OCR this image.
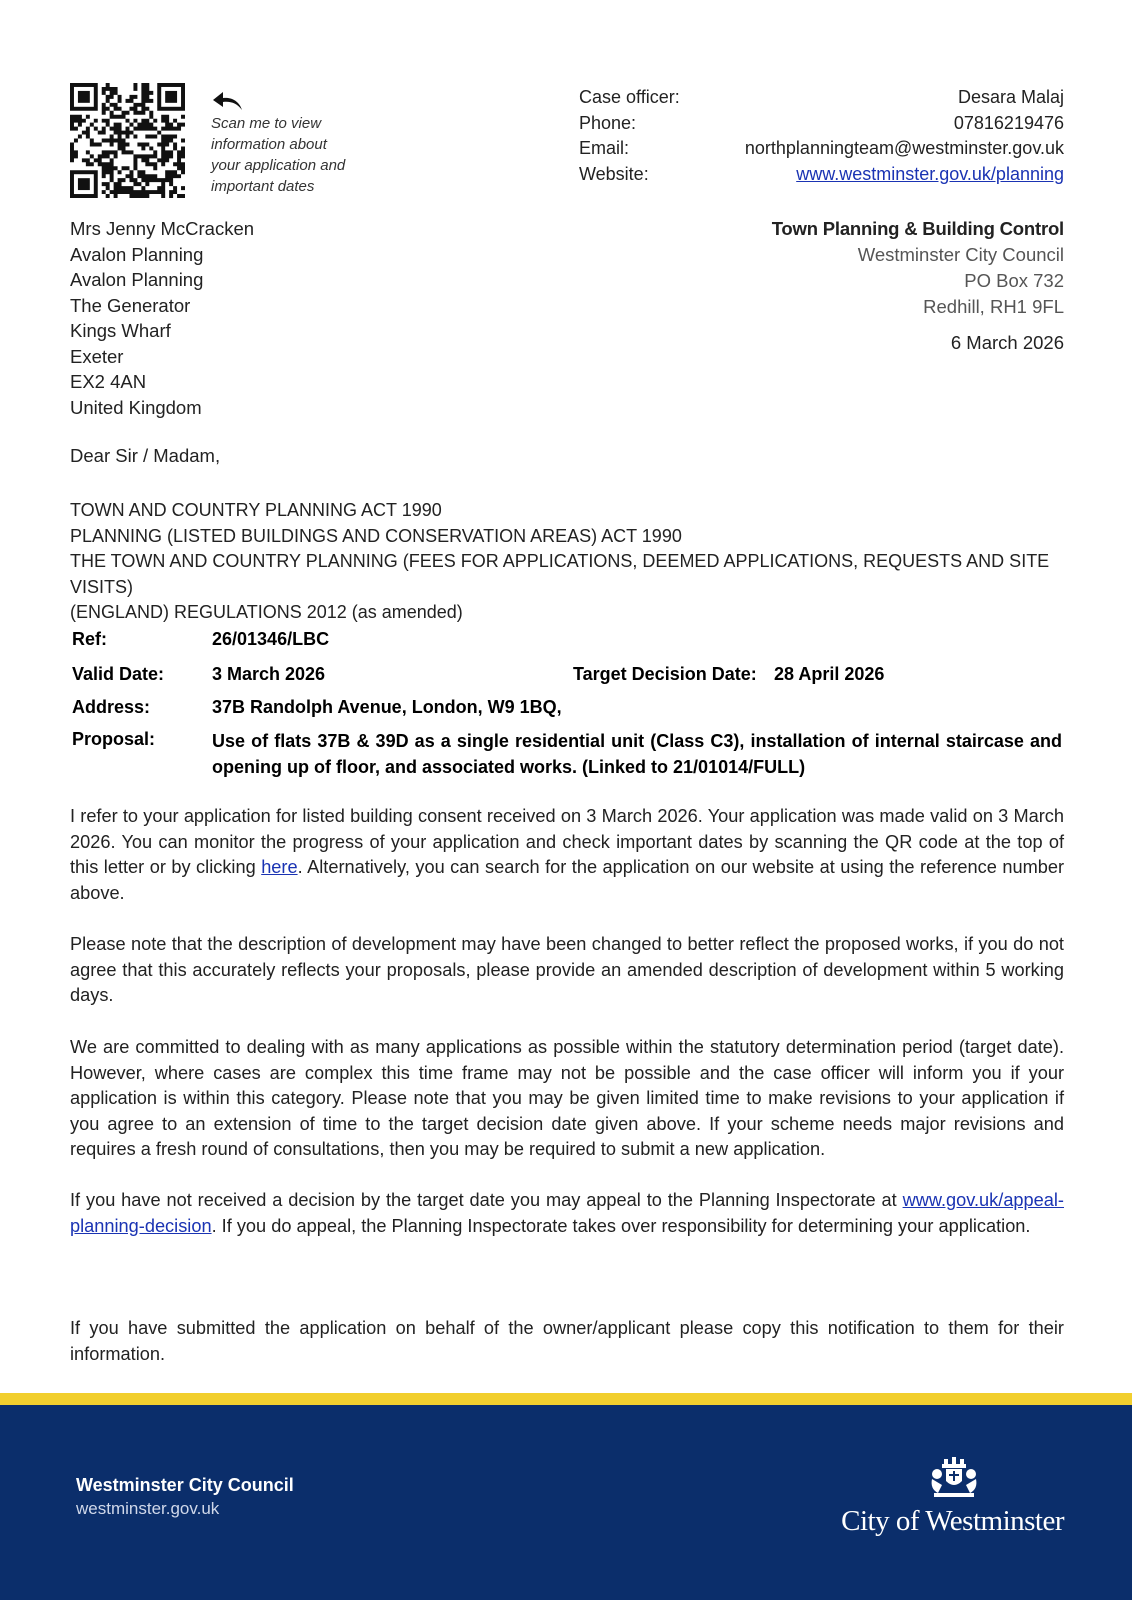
Scan me to view
information about
your application and
important dates
Case officer:	Desara Malaj
Phone:	07816219476
Email:	northplanningteam@westminster.gov.uk
Website:	www.westminster.gov.uk/planning
Mrs Jenny McCracken
Avalon Planning
Avalon Planning
The Generator
Kings Wharf
Exeter
EX2 4AN
United Kingdom
Town Planning & Building Control
Westminster City Council
PO Box 732
Redhill, RH1 9FL
6 March 2026
Dear Sir / Madam,
TOWN AND COUNTRY PLANNING ACT 1990
PLANNING (LISTED BUILDINGS AND CONSERVATION AREAS) ACT 1990
THE TOWN AND COUNTRY PLANNING (FEES FOR APPLICATIONS, DEEMED APPLICATIONS, REQUESTS AND SITE VISITS)
(ENGLAND) REGULATIONS 2012 (as amended)
Ref:	26/01346/LBC
Valid Date:	3 March 2026	Target Decision Date: 28 April 2026
Address:	37B Randolph Avenue, London, W9 1BQ,
Proposal:	Use of flats 37B & 39D as a single residential unit (Class C3), installation of internal staircase and opening up of floor, and associated works. (Linked to 21/01014/FULL)
I refer to your application for listed building consent received on 3 March 2026. Your application was made valid on 3 March 2026. You can monitor the progress of your application and check important dates by scanning the QR code at the top of this letter or by clicking here. Alternatively, you can search for the application on our website at using the reference number above.
Please note that the description of development may have been changed to better reflect the proposed works, if you do not agree that this accurately reflects your proposals, please provide an amended description of development within 5 working days.
We are committed to dealing with as many applications as possible within the statutory determination period (target date). However, where cases are complex this time frame may not be possible and the case officer will inform you if your application is within this category. Please note that you may be given limited time to make revisions to your application if you agree to an extension of time to the target decision date given above. If your scheme needs major revisions and requires a fresh round of consultations, then you may be required to submit a new application.
If you have not received a decision by the target date you may appeal to the Planning Inspectorate at www.gov.uk/appeal-planning-decision. If you do appeal, the Planning Inspectorate takes over responsibility for determining your application.
If you have submitted the application on behalf of the owner/applicant please copy this notification to them for their information.
Westminster City Council
westminster.gov.uk	City of Westminster
